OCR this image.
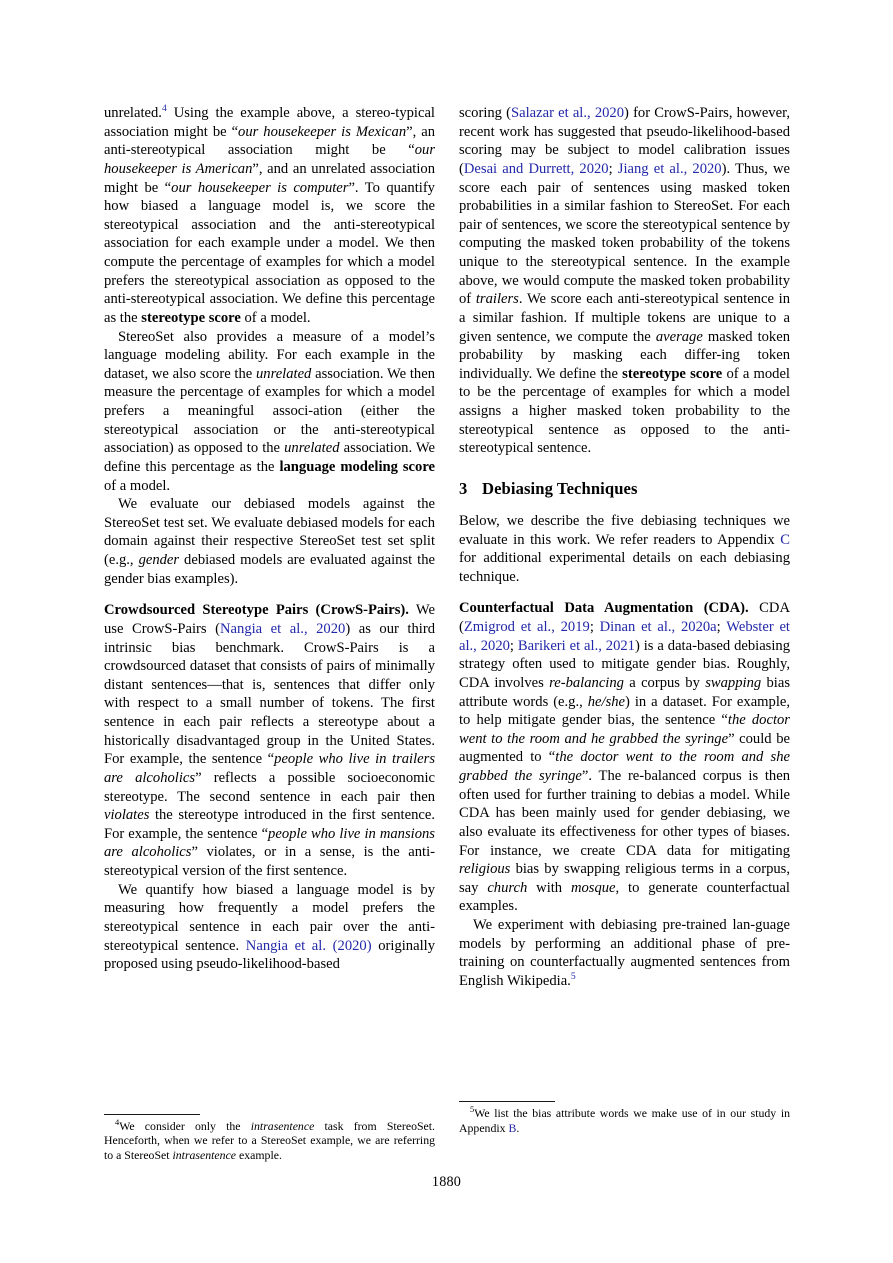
unrelated.$^4$ Using the example above, a stereo-typical association might be “our housekeeper is Mexican”, an anti-stereotypical association might be “our housekeeper is American”, and an unrelated association might be “our housekeeper is computer”. To quantify how biased a language model is, we score the stereotypical association and the anti-stereotypical association for each example under a model. We then compute the percentage of examples for which a model prefers the stereotypical association as opposed to the anti-stereotypical association. We define this percentage as the stereotype score of a model.

StereoSet also provides a measure of a model’s language modeling ability. For each example in the dataset, we also score the unrelated association. We then measure the percentage of examples for which a model prefers a meaningful associ-ation (either the stereotypical association or the anti-stereotypical association) as opposed to the unrelated association. We define this percentage as the language modeling score of a model.

We evaluate our debiased models against the StereoSet test set. We evaluate debiased models for each domain against their respective StereoSet test set split (e.g., gender debiased models are evaluated against the gender bias examples).

Crowdsourced Stereotype Pairs (CrowS-Pairs). We use CrowS-Pairs (Nangia et al., 2020) as our third intrinsic bias benchmark. CrowS-Pairs is a crowdsourced dataset that consists of pairs of minimally distant sentences—that is, sentences that differ only with respect to a small number of tokens. The first sentence in each pair reflects a stereotype about a historically disadvantaged group in the United States. For example, the sentence “people who live in trailers are alcoholics” reflects a possible socioeconomic stereotype. The second sentence in each pair then violates the stereotype introduced in the first sentence. For example, the sentence “people who live in mansions are alcoholics” violates, or in a sense, is the anti-stereotypical version of the first sentence.

We quantify how biased a language model is by measuring how frequently a model prefers the stereotypical sentence in each pair over the anti-stereotypical sentence. Nangia et al. (2020) originally proposed using pseudo-likelihood-based

$^4$We consider only the intrasentence task from StereoSet. Henceforth, when we refer to a StereoSet example, we are referring to a StereoSet intrasentence example.

scoring (Salazar et al., 2020) for CrowS-Pairs, however, recent work has suggested that pseudo-likelihood-based scoring may be subject to model calibration issues (Desai and Durrett, 2020; Jiang et al., 2020). Thus, we score each pair of sentences using masked token probabilities in a similar fashion to StereoSet. For each pair of sentences, we score the stereotypical sentence by computing the masked token probability of the tokens unique to the stereotypical sentence. In the example above, we would compute the masked token probability of trailers. We score each anti-stereotypical sentence in a similar fashion. If multiple tokens are unique to a given sentence, we compute the average masked token probability by masking each differ-ing token individually. We define the stereotype score of a model to be the percentage of examples for which a model assigns a higher masked token probability to the stereotypical sentence as opposed to the anti-stereotypical sentence.

3 Debiasing Techniques

Below, we describe the five debiasing techniques we evaluate in this work. We refer readers to Appendix C for additional experimental details on each debiasing technique.

Counterfactual Data Augmentation (CDA). CDA (Zmigrod et al., 2019; Dinan et al., 2020a; Webster et al., 2020; Barikeri et al., 2021) is a data-based debiasing strategy often used to mitigate gender bias. Roughly, CDA involves re-balancing a corpus by swapping bias attribute words (e.g., he/she) in a dataset. For example, to help mitigate gender bias, the sentence “the doctor went to the room and he grabbed the syringe” could be augmented to “the doctor went to the room and she grabbed the syringe”. The re-balanced corpus is then often used for further training to debias a model. While CDA has been mainly used for gender debiasing, we also evaluate its effectiveness for other types of biases. For instance, we create CDA data for mitigating religious bias by swapping religious terms in a corpus, say church with mosque, to generate counterfactual examples.

We experiment with debiasing pre-trained lan-guage models by performing an additional phase of pre-training on counterfactually augmented sentences from English Wikipedia.$^5$

$^5$We list the bias attribute words we make use of in our study in Appendix B.

1880
